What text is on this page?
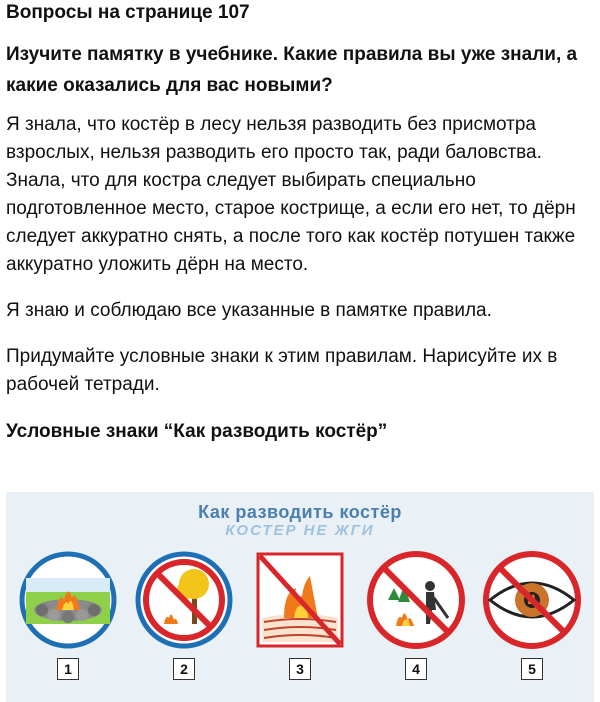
Вопросы на странице 107
Изучите памятку в учебнике. Какие правила вы уже знали, а какие оказались для вас новыми?

Я знала, что костёр в лесу нельзя разводить без присмотра взрослых, нельзя разводить его просто так, ради баловства. Знала, что для костра следует выбирать специально подготовленное место, старое кострище, а если его нет, то дёрн следует аккуратно снять, а после того как костёр потушен также аккуратно уложить дёрн на место.

Я знаю и соблюдаю все указанные в памятке правила.

Придумайте условные знаки к этим правилам. Нарисуйте их в рабочей тетради.

Условные знаки “Как разводить костёр”
Как разводить костёр
КОСТЕР НЕ ЖГИ
1	2	3	4	5
